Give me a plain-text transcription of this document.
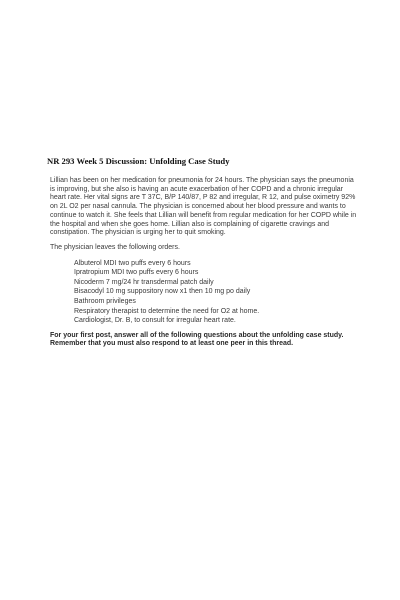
NR 293 Week 5 Discussion: Unfolding Case Study

Lillian has been on her medication for pneumonia for 24 hours. The physician says the pneumonia is improving, but she also is having an acute exacerbation of her COPD and a chronic irregular heart rate. Her vital signs are T 37C, B/P 140/87, P 82 and irregular, R 12, and pulse oximetry 92% on 2L O2 per nasal cannula. The physician is concerned about her blood pressure and wants to continue to watch it. She feels that Lillian will benefit from regular medication for her COPD while in the hospital and when she goes home. Lillian also is complaining of cigarette cravings and constipation. The physician is urging her to quit smoking.

The physician leaves the following orders.

Albuterol MDI two puffs every 6 hours
Ipratropium MDI two puffs every 6 hours
Nicoderm 7 mg/24 hr transdermal patch daily
Bisacodyl 10 mg suppository now x1 then 10 mg po daily
Bathroom privileges
Respiratory therapist to determine the need for O2 at home.
Cardiologist, Dr. B, to consult for irregular heart rate.

For your first post, answer all of the following questions about the unfolding case study. Remember that you must also respond to at least one peer in this thread.
